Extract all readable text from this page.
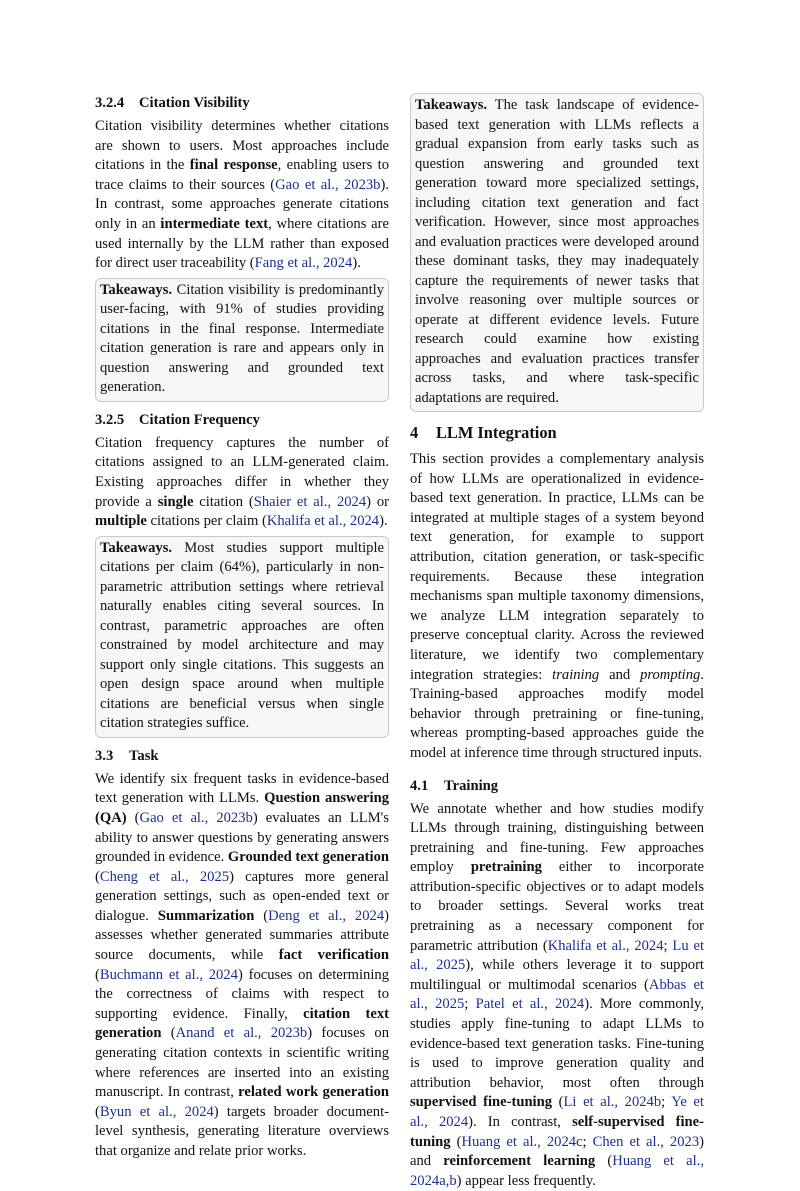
3.2.4 Citation Visibility

Citation visibility determines whether citations are shown to users. Most approaches include citations in the final response, enabling users to trace claims to their sources (Gao et al., 2023b). In contrast, some approaches generate citations only in an intermediate text, where citations are used internally by the LLM rather than exposed for direct user traceability (Fang et al., 2024).

Takeaways. Citation visibility is predominantly user-facing, with 91% of studies providing citations in the final response. Intermediate citation generation is rare and appears only in question answering and grounded text generation.

3.2.5 Citation Frequency

Citation frequency captures the number of citations assigned to an LLM-generated claim. Existing approaches differ in whether they provide a single citation (Shaier et al., 2024) or multiple citations per claim (Khalifa et al., 2024).

Takeaways. Most studies support multiple citations per claim (64%), particularly in non-parametric attribution settings where retrieval naturally enables citing several sources. In contrast, parametric approaches are often constrained by model architecture and may support only single citations. This suggests an open design space around when multiple citations are beneficial versus when single citation strategies suffice.

3.3 Task

We identify six frequent tasks in evidence-based text generation with LLMs. Question answering (QA) (Gao et al., 2023b) evaluates an LLM's ability to answer questions by generating answers grounded in evidence. Grounded text generation (Cheng et al., 2025) captures more general generation settings, such as open-ended text or dialogue. Summarization (Deng et al., 2024) assesses whether generated summaries attribute source documents, while fact verification (Buchmann et al., 2024) focuses on determining the correctness of claims with respect to supporting evidence. Finally, citation text generation (Anand et al., 2023b) focuses on generating citation contexts in scientific writing where references are inserted into an existing manuscript. In contrast, related work generation (Byun et al., 2024) targets broader document-level synthesis, generating literature overviews that organize and relate prior works.

Takeaways. The task landscape of evidence-based text generation with LLMs reflects a gradual expansion from early tasks such as question answering and grounded text generation toward more specialized settings, including citation text generation and fact verification. However, since most approaches and evaluation practices were developed around these dominant tasks, they may inadequately capture the requirements of newer tasks that involve reasoning over multiple sources or operate at different evidence levels. Future research could examine how existing approaches and evaluation practices transfer across tasks, and where task-specific adaptations are required.

4 LLM Integration

This section provides a complementary analysis of how LLMs are operationalized in evidence-based text generation. In practice, LLMs can be integrated at multiple stages of a system beyond text generation, for example to support attribution, citation generation, or task-specific requirements. Because these integration mechanisms span multiple taxonomy dimensions, we analyze LLM integration separately to preserve conceptual clarity. Across the reviewed literature, we identify two complementary integration strategies: training and prompting. Training-based approaches modify model behavior through pretraining or fine-tuning, whereas prompting-based approaches guide the model at inference time through structured inputs.

4.1 Training

We annotate whether and how studies modify LLMs through training, distinguishing between pretraining and fine-tuning. Few approaches employ pretraining either to incorporate attribution-specific objectives or to adapt models to broader settings. Several works treat pretraining as a necessary component for parametric attribution (Khalifa et al., 2024; Lu et al., 2025), while others leverage it to support multilingual or multimodal scenarios (Abbas et al., 2025; Patel et al., 2024). More commonly, studies apply fine-tuning to adapt LLMs to evidence-based text generation tasks. Fine-tuning is used to improve generation quality and attribution behavior, most often through supervised fine-tuning (Li et al., 2024b; Ye et al., 2024). In contrast, self-supervised fine-tuning (Huang et al., 2024c; Chen et al., 2023) and reinforcement learning (Huang et al., 2024a,b) appear less frequently.
